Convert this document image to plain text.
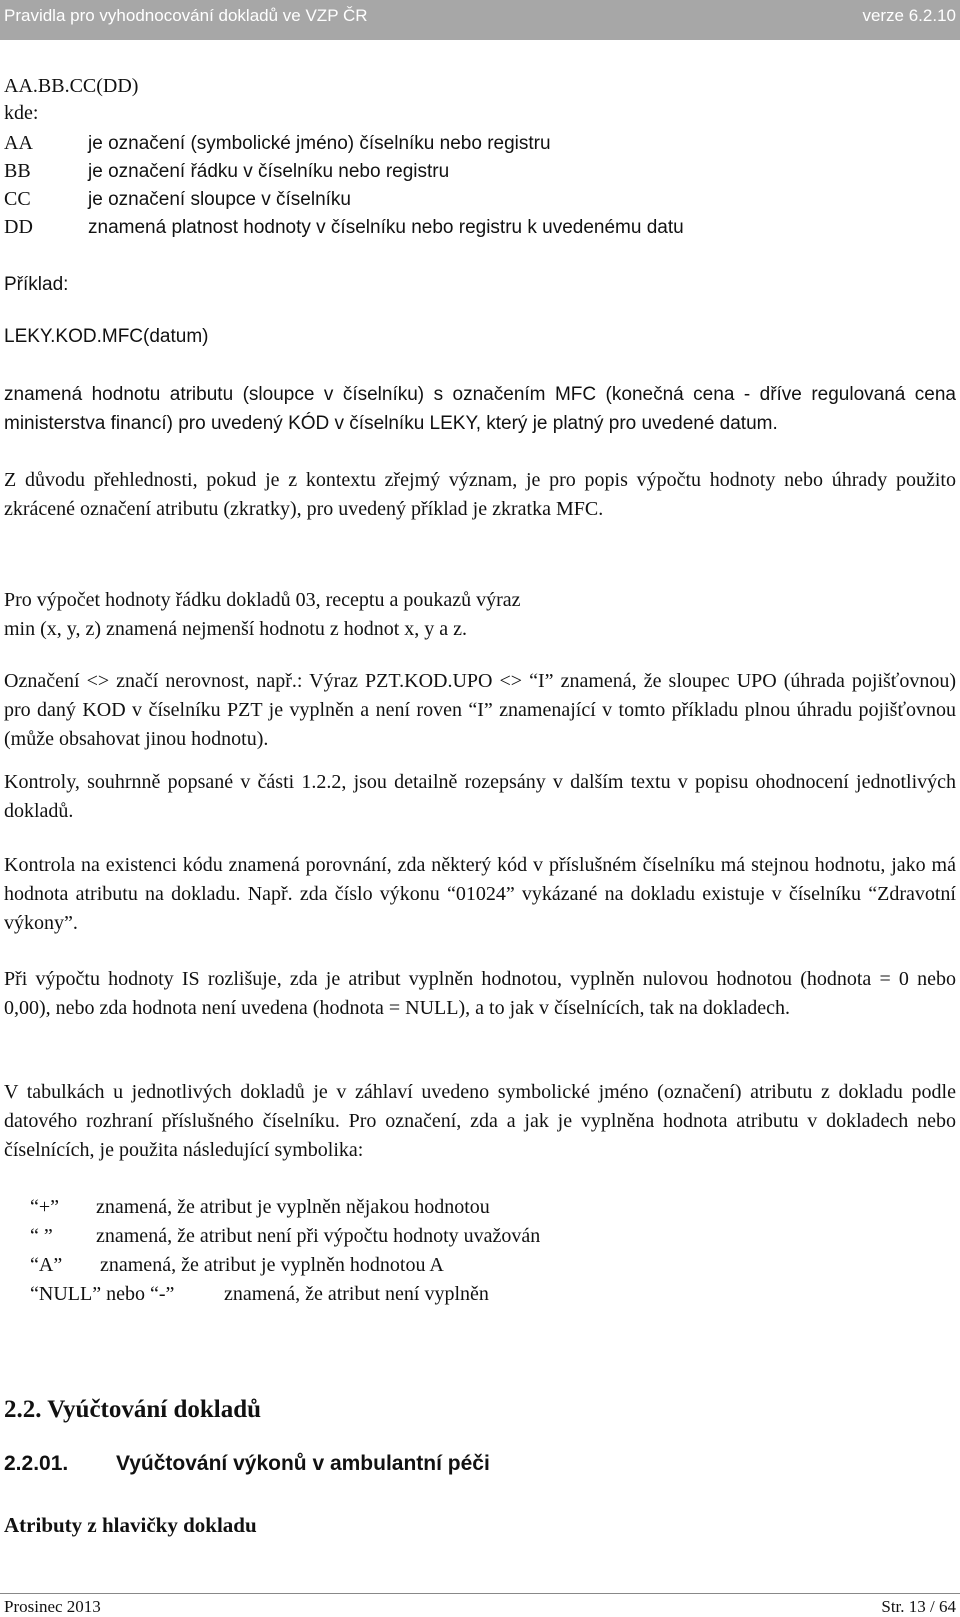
Pravidla pro vyhodnocování dokladů ve VZP ČR	verze 6.2.10
AA.BB.CC(DD)
kde:
AA	je označení (symbolické jméno) číselníku nebo registru
BB	je označení řádku v číselníku nebo registru
CC	je označení sloupce v číselníku
DD	znamená platnost hodnoty v číselníku nebo registru k uvedenému datu
Příklad:
LEKY.KOD.MFC(datum)
znamená hodnotu atributu (sloupce v číselníku) s označením MFC (konečná cena - dříve regulovaná cena ministerstva financí) pro uvedený KÓD v číselníku LEKY, který je platný pro uvedené datum.
Z důvodu přehlednosti, pokud je z kontextu zřejmý význam, je pro popis výpočtu hodnoty nebo úhrady použito zkrácené označení atributu (zkratky), pro uvedený příklad je zkratka MFC.
Pro výpočet hodnoty řádku dokladů 03, receptu a poukazů výraz
min (x, y, z) znamená nejmenší hodnotu z hodnot x, y a z.
Označení <> značí nerovnost, např.: Výraz PZT.KOD.UPO <> “I” znamená, že sloupec UPO (úhrada pojišťovnou) pro daný KOD v číselníku PZT je vyplněn a není roven “I” znamenající v tomto příkladu plnou úhradu pojišťovnou (může obsahovat jinou hodnotu).
Kontroly, souhrnně popsané v části 1.2.2, jsou detailně rozepsány v dalším textu v popisu ohodnocení jednotlivých dokladů.
Kontrola na existenci kódu znamená porovnání, zda některý kód v příslušném číselníku má stejnou hodnotu, jako má hodnota atributu na dokladu. Např. zda číslo výkonu “01024” vykázané na dokladu existuje v číselníku “Zdravotní výkony”.
Při výpočtu hodnoty IS rozlišuje, zda je atribut vyplněn hodnotou, vyplněn nulovou hodnotou (hodnota = 0 nebo 0,00), nebo zda hodnota není uvedena (hodnota = NULL), a to jak v číselnících, tak na dokladech.
V tabulkách u jednotlivých dokladů je v záhlaví uvedeno symbolické jméno (označení) atributu z dokladu podle datového rozhraní příslušného číselníku. Pro označení, zda a jak je vyplněna hodnota atributu v dokladech nebo číselnících, je použita následující symbolika:
“+” znamená, že atribut je vyplněn nějakou hodnotou
“ ” znamená, že atribut není při výpočtu hodnoty uvažován
“A” znamená, že atribut je vyplněn hodnotou A
“NULL” nebo “-” znamená, že atribut není vyplněn
2.2. Vyúčtování dokladů
2.2.01. Vyúčtování výkonů v ambulantní péči
Atributy z hlavičky dokladu
Prosinec 2013	Str. 13 / 64
